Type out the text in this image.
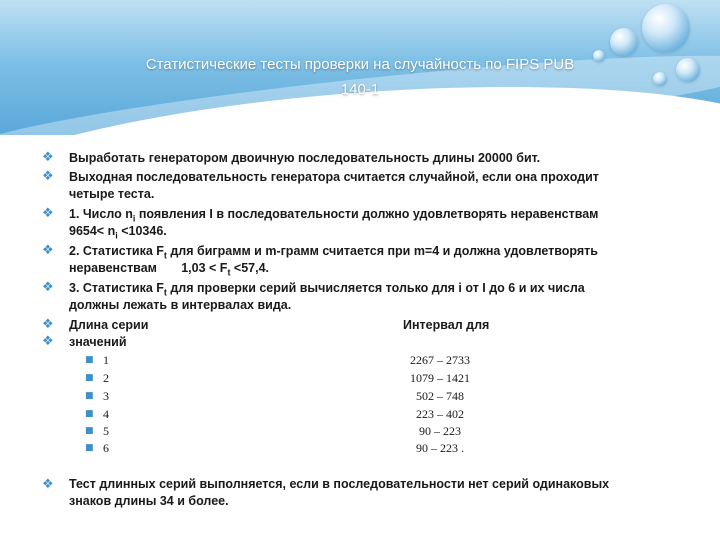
Статистические тесты проверки на случайность по FIPS PUB
140-1
❖ Выработать генератором двоичную последовательность длины 20000 бит.
❖ Выходная последовательность генератора считается случайной, если она проходит
четыре теста.
❖ 1. Число $n_i$ появления I в последовательности должно удовлетворять неравенствам
$9654< n_i <10346$.
❖ 2. Статистика $F_t$ для биграмм и m-грамм считается при m=4 и должна удовлетворять
неравенствам       $1,03 < F_t <57,4$.
❖ 3. Статистика $F_t$ для проверки серий вычисляется только для i от I до 6 и их числа
должны лежать в интервалах вида.
❖ Длина серии	Интервал для
❖ значений
■ 1	2267 – 2733
■ 2	1079 – 1421
■ 3	502 – 748
■ 4	223 – 402
■ 5	90 – 223
■ 6	90 – 223 .
❖ Тест длинных серий выполняется, если в последовательности нет серий одинаковых
знаков длины 34 и более.
